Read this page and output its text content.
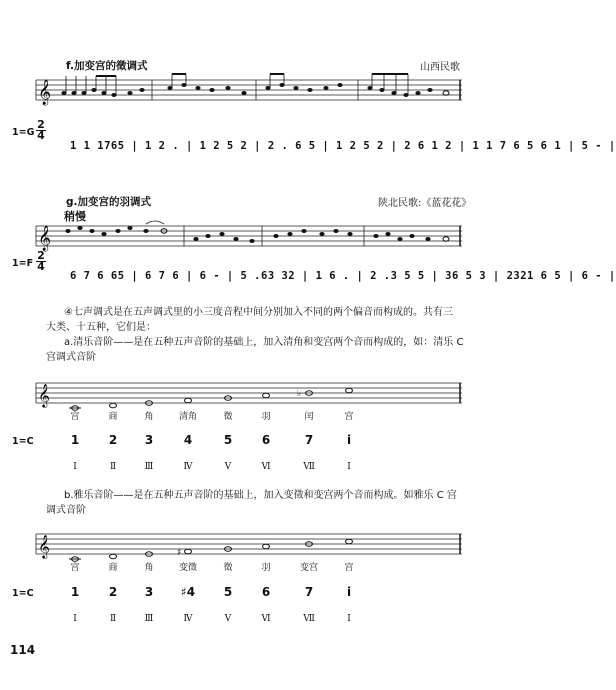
f.加变宫的徵调式	山西民歌
𝄞
$1=G \frac{2}{4}$
1 1 1765 | 1 2 . | 1 2 5 2 | 2 . 6 5 | 1 2 5 2 | 2 6 1 2 | 1 1 7 6 5 6 1 | 5 - |
g.加变宫的羽调式	陕北民歌:《蓝花花》
稍慢
𝄞
$1=F \frac{2}{4}$
6 7 6 65 | 6 7 6 | 6 - | 5 .63 32 | 1 6 . | 2 .3 5 5 | 36 5 3 | 2321 6 5 | 6 - |
④七声调式是在五声调式里的小三度音程中间分别加入不同的两个偏音而构成的。共有三
大类、十五种，它们是：
a.清乐音阶——是在五种五声音阶的基础上，加入清角和变宫两个音而构成的，如：清乐 C
宫调式音阶
𝄞	♭
宫	商	角	清角	徵	羽	闰	宫
1=C	1	2	3	4	5	6	7	i
Ⅰ	Ⅱ	Ⅲ	Ⅳ	Ⅴ	Ⅵ	Ⅶ	Ⅰ
b.雅乐音阶——是在五种五声音阶的基础上，加入变徵和变宫两个音而构成。如雅乐 C 宫
调式音阶
𝄞	♯
宫	商	角	变徵	徵	羽	变宫	宫
1=C	1	2	3	♯4	5	6	7	i
Ⅰ	Ⅱ	Ⅲ	Ⅳ	Ⅴ	Ⅵ	Ⅶ	Ⅰ
114
